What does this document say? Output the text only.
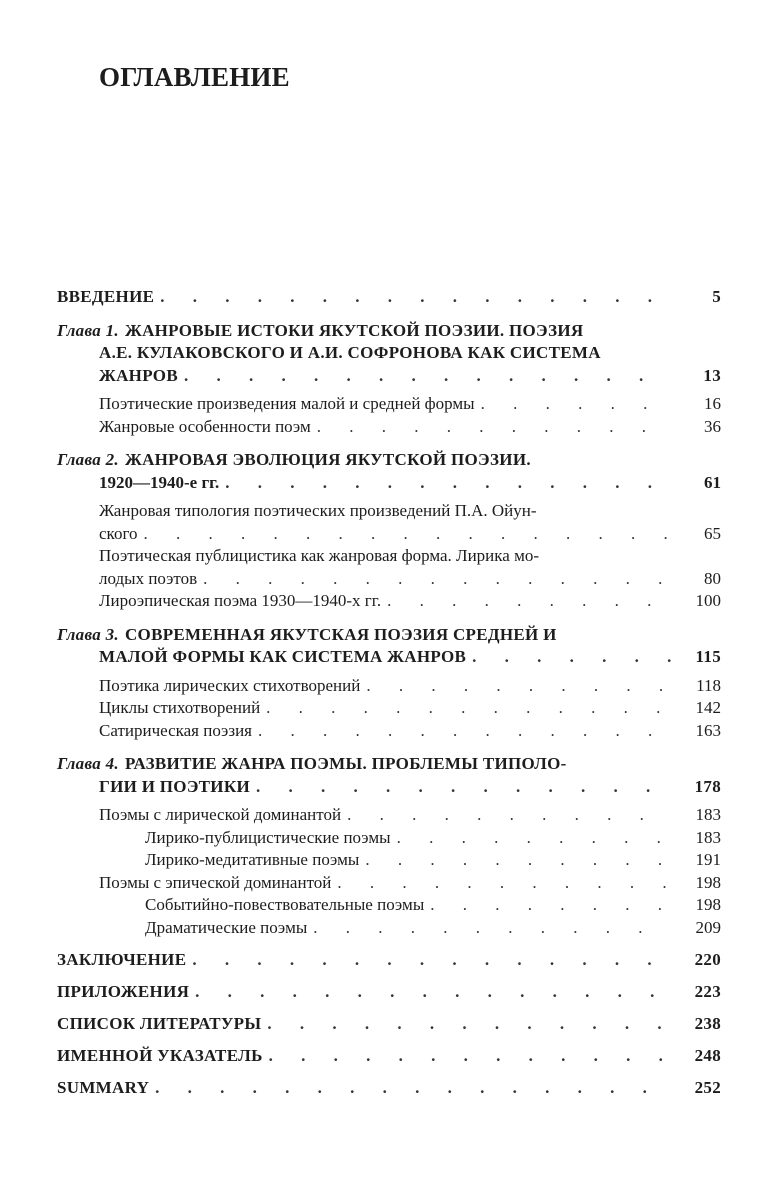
ОГЛАВЛЕНИЕ
ВВЕДЕНИЕ . . .	5
Глава 1. ЖАНРОВЫЕ ИСТОКИ ЯКУТСКОЙ ПОЭЗИИ. ПОЭЗИЯ
А.Е. КУЛАКОВСКОГО И А.И. СОФРОНОВА КАК СИСТЕМА
ЖАНРОВ . . .	13
Поэтические произведения малой и средней формы . . .	16
Жанровые особенности поэм . . .	36
Глава 2. ЖАНРОВАЯ ЭВОЛЮЦИЯ ЯКУТСКОЙ ПОЭЗИИ.
1920—1940-е гг. . . .	61
Жанровая типология поэтических произведений П.А. Ойун-
ского . . .	65
Поэтическая публицистика как жанровая форма. Лирика мо-
лодых поэтов . . .	80
Лироэпическая поэма 1930—1940-х гг. . . .	100
Глава 3. СОВРЕМЕННАЯ ЯКУТСКАЯ ПОЭЗИЯ СРЕДНЕЙ И
МАЛОЙ ФОРМЫ КАК СИСТЕМА ЖАНРОВ . . .	115
Поэтика лирических стихотворений . . .	118
Циклы стихотворений . . .	142
Сатирическая поэзия . . .	163
Глава 4. РАЗВИТИЕ ЖАНРА ПОЭМЫ. ПРОБЛЕМЫ ТИПОЛО-
ГИИ И ПОЭТИКИ . . .	178
Поэмы с лирической доминантой . . .	183
Лирико-публицистические поэмы . . .	183
Лирико-медитативные поэмы . . .	191
Поэмы с эпической доминантой . . .	198
Событийно-повествовательные поэмы . . .	198
Драматические поэмы . . .	209
ЗАКЛЮЧЕНИЕ . . .	220
ПРИЛОЖЕНИЯ . . .	223
СПИСОК ЛИТЕРАТУРЫ . . .	238
ИМЕННОЙ УКАЗАТЕЛЬ . . .	248
SUMMARY . . .	252
